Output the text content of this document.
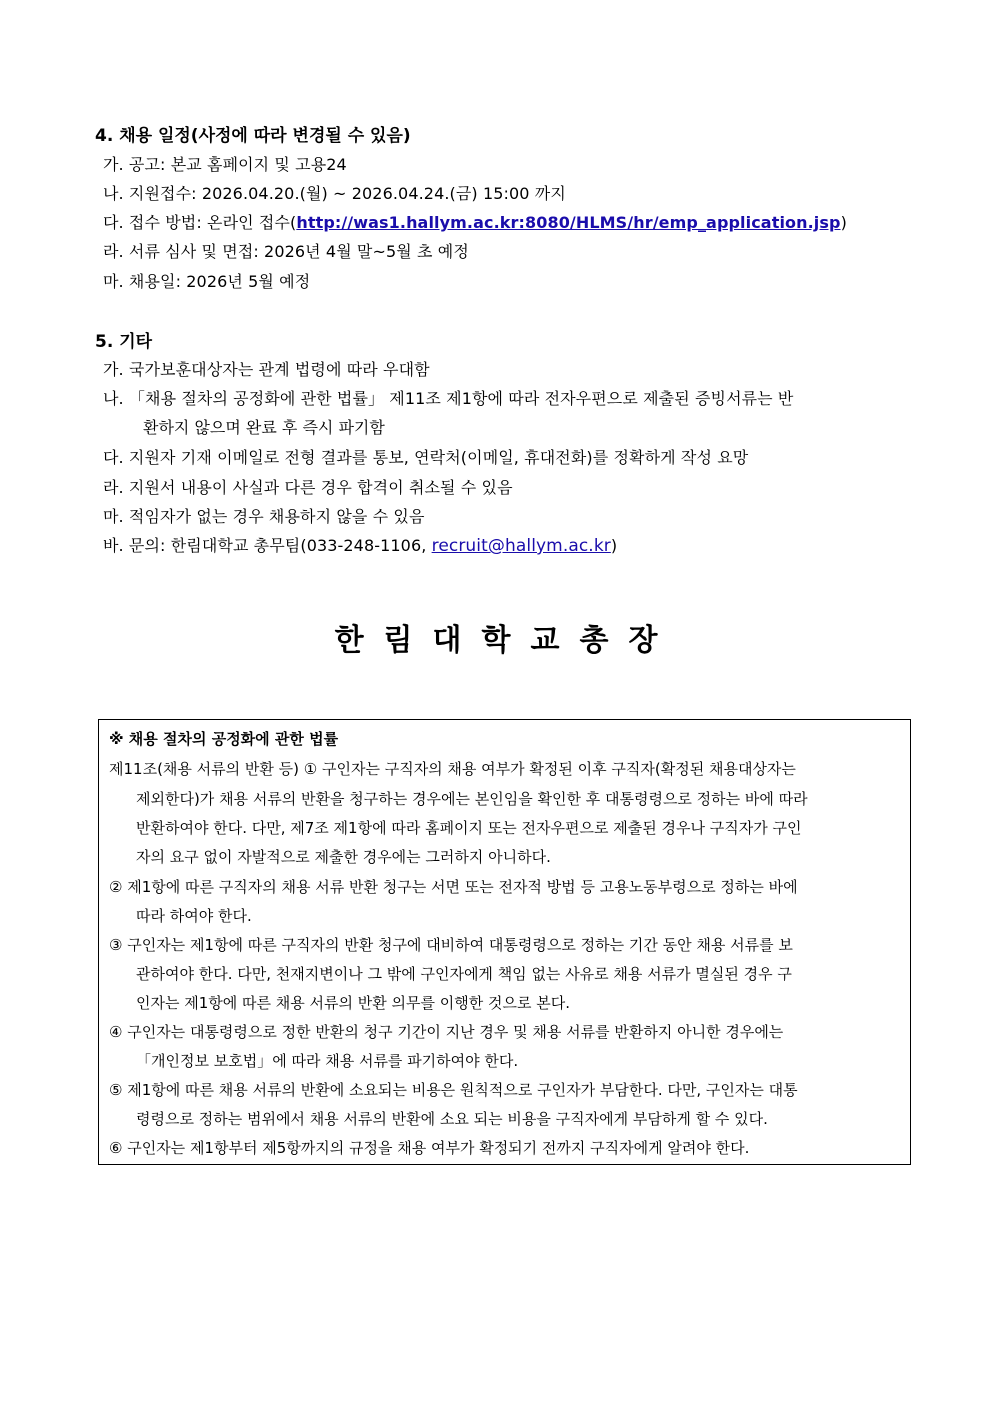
4. 채용 일정(사정에 따라 변경될 수 있음)
가. 공고: 본교 홈페이지 및 고용24
나. 지원접수: 2026.04.20.(월) ~ 2026.04.24.(금) 15:00 까지
다. 접수 방법: 온라인 접수(http://was1.hallym.ac.kr:8080/HLMS/hr/emp_application.jsp)
라. 서류 심사 및 면접: 2026년 4월 말~5월 초 예정
마. 채용일: 2026년 5월 예정
5. 기타
가. 국가보훈대상자는 관계 법령에 따라 우대함
나. 「채용 절차의 공정화에 관한 법률」 제11조 제1항에 따라 전자우편으로 제출된 증빙서류는 반
환하지 않으며 완료 후 즉시 파기함
다. 지원자 기재 이메일로 전형 결과를 통보, 연락처(이메일, 휴대전화)를 정확하게 작성 요망
라. 지원서 내용이 사실과 다른 경우 합격이 취소될 수 있음
마. 적임자가 없는 경우 채용하지 않을 수 있음
바. 문의: 한림대학교 총무팀(033-248-1106, recruit@hallym.ac.kr)
한림대학교총장
※ 채용 절차의 공정화에 관한 법률
제11조(채용 서류의 반환 등) ① 구인자는 구직자의 채용 여부가 확정된 이후 구직자(확정된 채용대상자는
제외한다)가 채용 서류의 반환을 청구하는 경우에는 본인임을 확인한 후 대통령령으로 정하는 바에 따라
반환하여야 한다. 다만, 제7조 제1항에 따라 홈페이지 또는 전자우편으로 제출된 경우나 구직자가 구인
자의 요구 없이 자발적으로 제출한 경우에는 그러하지 아니하다.
② 제1항에 따른 구직자의 채용 서류 반환 청구는 서면 또는 전자적 방법 등 고용노동부령으로 정하는 바에
따라 하여야 한다.
③ 구인자는 제1항에 따른 구직자의 반환 청구에 대비하여 대통령령으로 정하는 기간 동안 채용 서류를 보
관하여야 한다. 다만, 천재지변이나 그 밖에 구인자에게 책임 없는 사유로 채용 서류가 멸실된 경우 구
인자는 제1항에 따른 채용 서류의 반환 의무를 이행한 것으로 본다.
④ 구인자는 대통령령으로 정한 반환의 청구 기간이 지난 경우 및 채용 서류를 반환하지 아니한 경우에는
「개인정보 보호법」에 따라 채용 서류를 파기하여야 한다.
⑤ 제1항에 따른 채용 서류의 반환에 소요되는 비용은 원칙적으로 구인자가 부담한다. 다만, 구인자는 대통
령령으로 정하는 범위에서 채용 서류의 반환에 소요 되는 비용을 구직자에게 부담하게 할 수 있다.
⑥ 구인자는 제1항부터 제5항까지의 규정을 채용 여부가 확정되기 전까지 구직자에게 알려야 한다.
